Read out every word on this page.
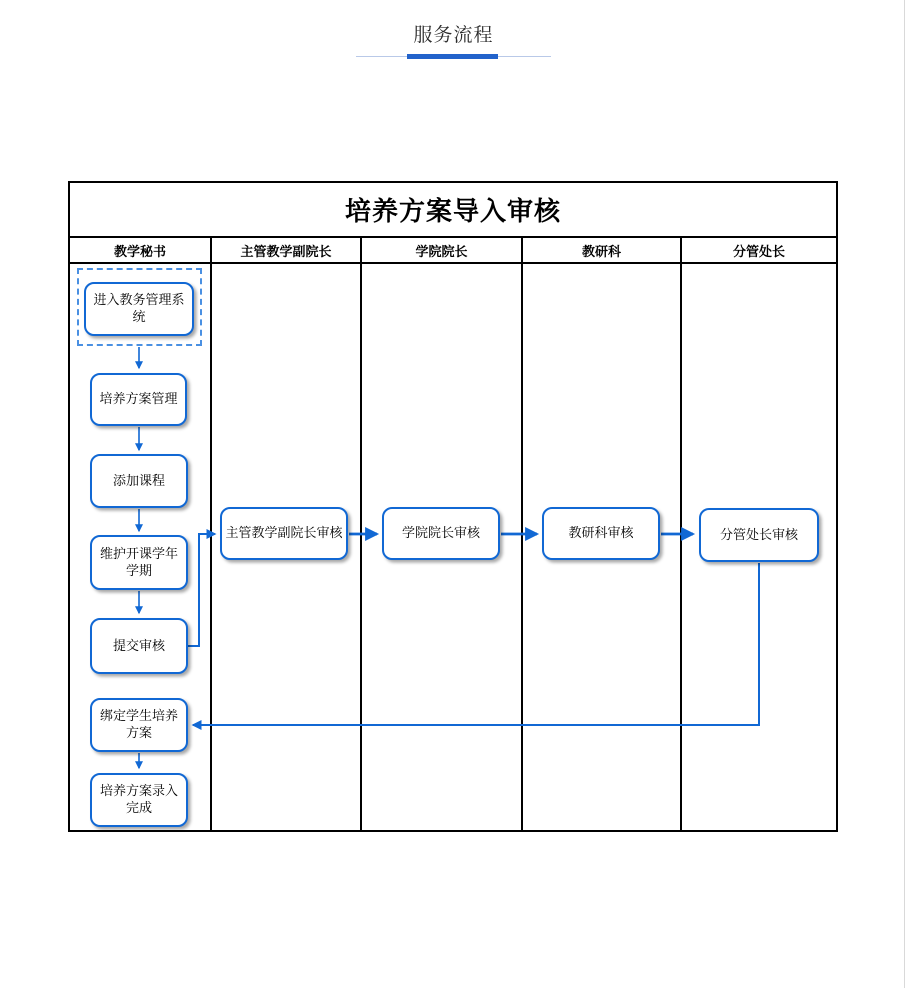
服务流程
培养方案导入审核
教学秘书	主管教学副院长	学院院长	教研科	分管处长
进入教务管理系统
培养方案管理
添加课程
维护开课学年学期
提交审核
绑定学生培养方案
培养方案录入完成
主管教学副院长审核	学院院长审核	教研科审核	分管处长审核
